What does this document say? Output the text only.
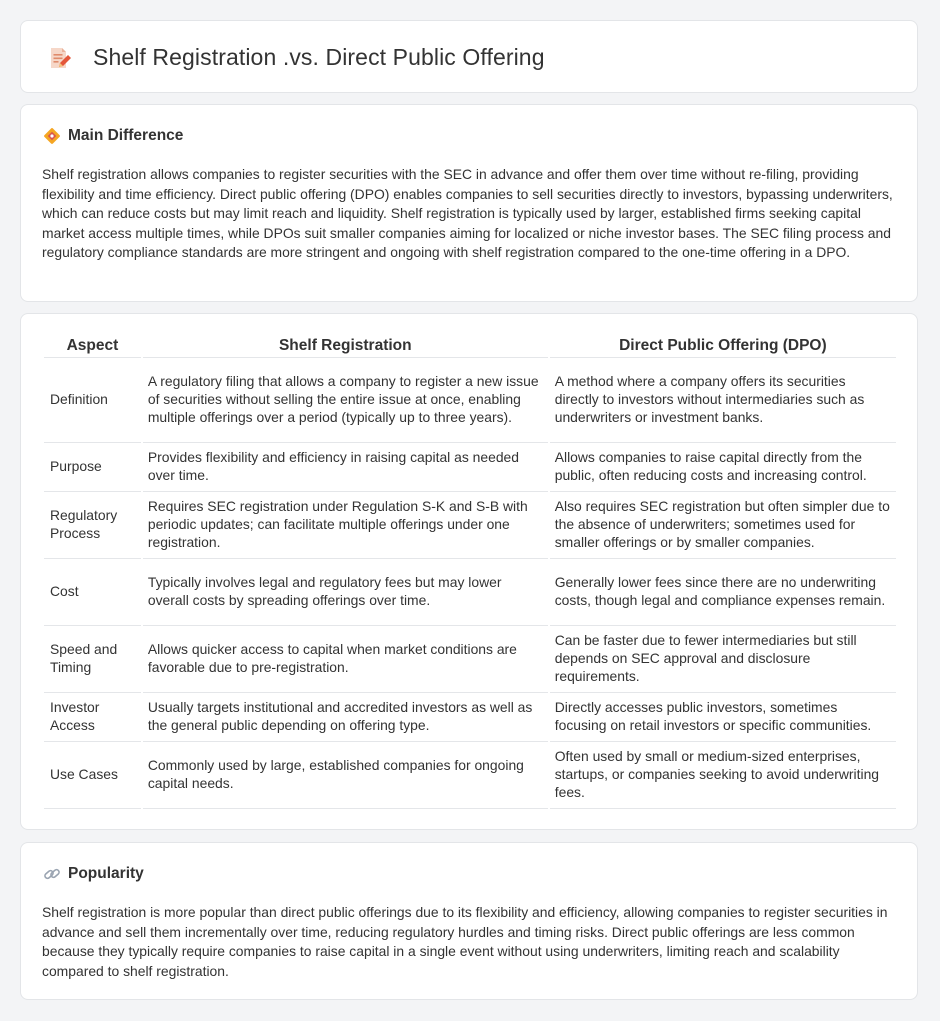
Shelf Registration .vs. Direct Public Offering
Main Difference
Shelf registration allows companies to register securities with the SEC in advance and offer them over time without re-filing, providing flexibility and time efficiency. Direct public offering (DPO) enables companies to sell securities directly to investors, bypassing underwriters, which can reduce costs but may limit reach and liquidity. Shelf registration is typically used by larger, established firms seeking capital market access multiple times, while DPOs suit smaller companies aiming for localized or niche investor bases. The SEC filing process and regulatory compliance standards are more stringent and ongoing with shelf registration compared to the one-time offering in a DPO.
Aspect	Shelf Registration	Direct Public Offering (DPO)
Definition	A regulatory filing that allows a company to register a new issue of securities without selling the entire issue at once, enabling multiple offerings over a period (typically up to three years).	A method where a company offers its securities directly to investors without intermediaries such as underwriters or investment banks.
Purpose	Provides flexibility and efficiency in raising capital as needed over time.	Allows companies to raise capital directly from the public, often reducing costs and increasing control.
Regulatory Process	Requires SEC registration under Regulation S-K and S-B with periodic updates; can facilitate multiple offerings under one registration.	Also requires SEC registration but often simpler due to the absence of underwriters; sometimes used for smaller offerings or by smaller companies.
Cost	Typically involves legal and regulatory fees but may lower overall costs by spreading offerings over time.	Generally lower fees since there are no underwriting costs, though legal and compliance expenses remain.
Speed and Timing	Allows quicker access to capital when market conditions are favorable due to pre-registration.	Can be faster due to fewer intermediaries but still depends on SEC approval and disclosure requirements.
Investor Access	Usually targets institutional and accredited investors as well as the general public depending on offering type.	Directly accesses public investors, sometimes focusing on retail investors or specific communities.
Use Cases	Commonly used by large, established companies for ongoing capital needs.	Often used by small or medium-sized enterprises, startups, or companies seeking to avoid underwriting fees.
Popularity
Shelf registration is more popular than direct public offerings due to its flexibility and efficiency, allowing companies to register securities in advance and sell them incrementally over time, reducing regulatory hurdles and timing risks. Direct public offerings are less common because they typically require companies to raise capital in a single event without using underwriters, limiting reach and scalability compared to shelf registration.
